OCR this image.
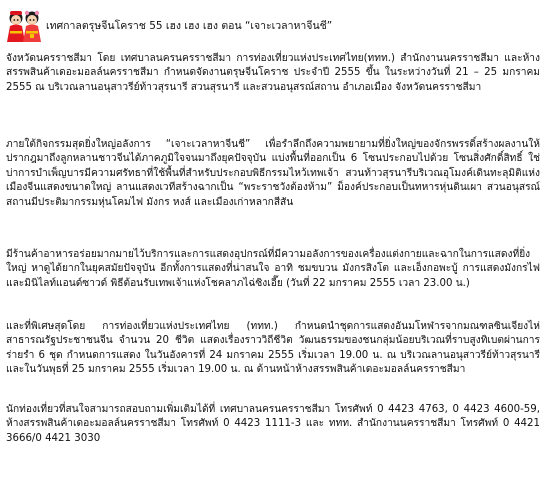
เทศกาลตรุษจีนโคราช 55 เฮง เฮง เฮง ตอน “เจาะเวลาหาจีนชี”

จังหวัดนครราชสีมา โดย เทศบาลนครนครราชสีมา การท่องเที่ยวแห่งประเทศไทย(ททท.) สำนักงานนครราชสีมา และห้างสรรพสินค้าเดอะมอลล์นครราชสีมา กำหนดจัดงานตรุษจีนโคราช ประจำปี 2555 ขึ้น ในระหว่างวันที่ 21 – 25 มกราคม 2555 ณ บริเวณลานอนุสาวรีย์ท้าวสุรนารี สวนสุรนารี และสวนอนุสรณ์สถาน อำเภอเมือง จังหวัดนครราชสีมา

ภายใต้กิจกรรมสุดยิ่งใหญ่อลังการ “เจาะเวลาหาจีนชี” เพื่อรำลึกถึงความพยายามที่ยิ่งใหญ่ของจักรพรรดิ์สร้างผลงานให้ปรากฎมาถึงลูกหลานชาวจีนได้ภาคภูมิใจจนมาถึงยุคปัจจุบัน แบ่งพื้นที่ออกเป็น 6 โซนประกอบไปด้วย โซนสิ่งศักดิ์สิทธิ์ ใช่บ่าการบำเพ็ญบารมีความศรัทธาที่ใช้พื้นที่สำหรับประกอบพิธีกรรมไหว้เทพเจ้า สวนท้าวสุรนารีบริเวณอุโมงค์เดินทะลุมิติแห่งเมืองจีนแสดงขนาดใหญ่ ลานแสดงเวทีสร้างฉากเป็น “พระราชวังต้องห้าม” ม็องค์ประกอบเป็นทหารหุ่นดินเผา สวนอนุสรณ์สถานมีประติมากรรมหุ่นโคมไฟ มังกร หงส์ และเมืองเก่าหลากสีสัน

มีร้านค้าอาหารอร่อยมากมายไว้บริการและการแสดงอุปกรณ์ที่มีความอลังการของเครื่องแต่งกายและฉากในการแสดงที่ยิ่งใหญ่ หาดูได้ยากในยุคสมัยปัจจุบัน อีกทั้งการแสดงที่น่าสนใจ อาทิ ชมขบวน มังกรสิงโต และเอ็งกอพะบู้ การแสดงมังกรไฟ และมินิไลท์แอนด์ซาวด์ พิธีต้อนรับเทพเจ้าแห่งโชคลาภไฉ่ซิงเอี๊ย (วันที่ 22 มกราคม 2555 เวลา 23.00 น.)

และที่พิเศษสุดโดย การท่องเที่ยวแห่งประเทศไทย (ททท.) กำหนดนำชุดการแสดงอันมโหฬารจากมณฑลซินเจียงไห่ สาธารณรัฐประชาชนจีน จำนวน 20 ชีวิต แสดงเรื่องราววิถีชีวิต วัฒนธรรมของชนกลุ่มน้อยบริเวณที่ราบสูงทิเบตผ่านการร่ายรำ 6 ชุด กำหนดการแสดง ในวันอังคารที่ 24 มกราคม 2555 เริ่มเวลา 19.00 น. ณ บริเวณลานอนุสาวรีย์ท้าวสุรนารี และในวันพุธที่ 25 มกราคม 2555 เริ่มเวลา 19.00 น. ณ ด้านหน้าห้างสรรพสินค้าเดอะมอลล์นครราชสีมา

นักท่องเที่ยวที่สนใจสามารถสอบถามเพิ่มเติมได้ที่ เทศบาลนครนครราชสีมา โทรศัพท์ 0 4423 4763, 0 4423 4600-59, ห้างสรรพสินค้าเดอะมอลล์นครราชสีมา โทรศัพท์ 0 4423 1111-3 และ ททท. สำนักงานนครราชสีมา โทรศัพท์ 0 4421 3666/0 4421 3030
